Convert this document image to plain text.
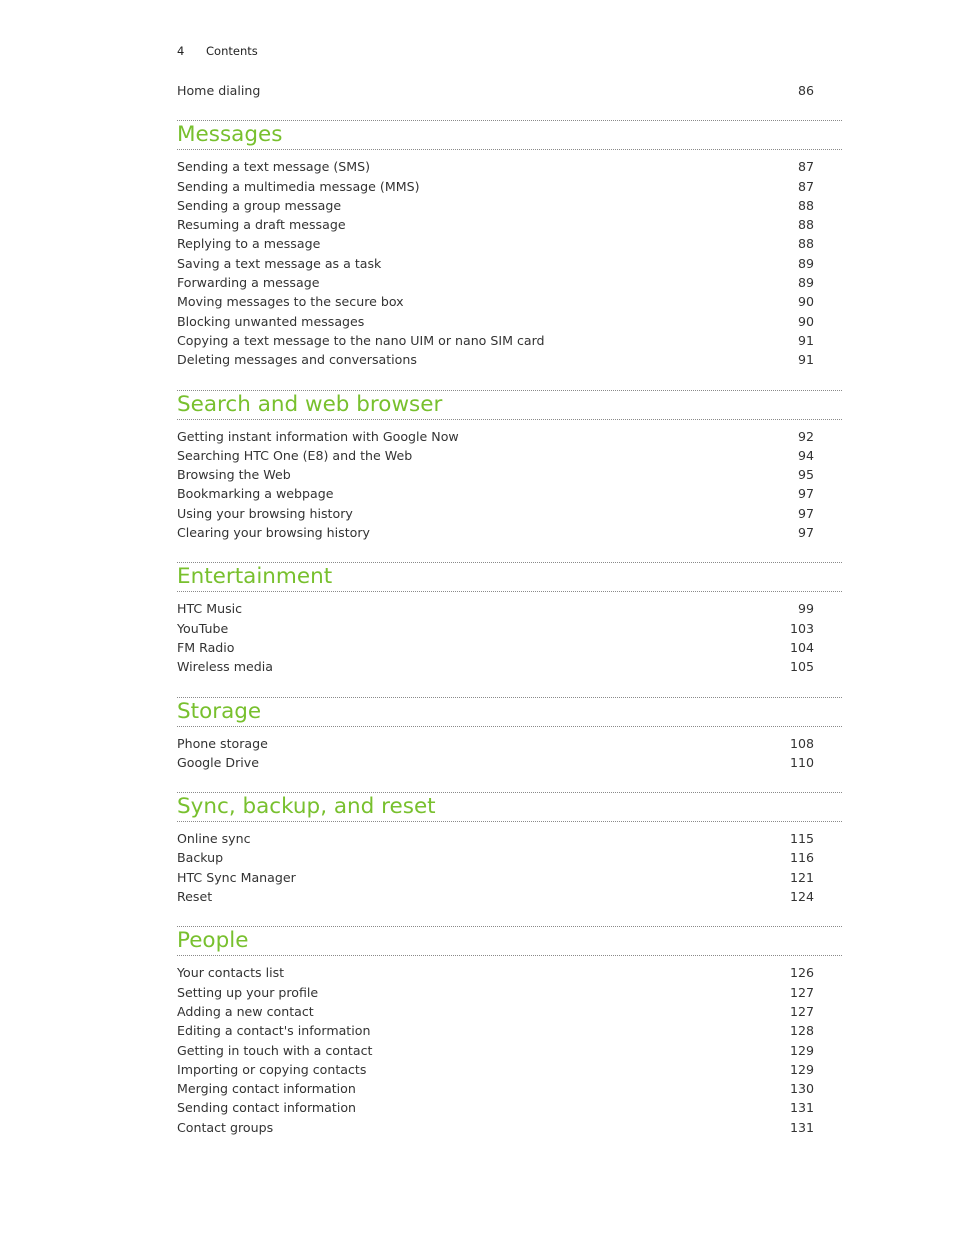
4 Contents
Home dialing	86
Messages
Sending a text message (SMS)	87
Sending a multimedia message (MMS)	87
Sending a group message	88
Resuming a draft message	88
Replying to a message	88
Saving a text message as a task	89
Forwarding a message	89
Moving messages to the secure box	90
Blocking unwanted messages	90
Copying a text message to the nano UIM or nano SIM card	91
Deleting messages and conversations	91
Search and web browser
Getting instant information with Google Now	92
Searching HTC One (E8) and the Web	94
Browsing the Web	95
Bookmarking a webpage	97
Using your browsing history	97
Clearing your browsing history	97
Entertainment
HTC Music	99
YouTube	103
FM Radio	104
Wireless media	105
Storage
Phone storage	108
Google Drive	110
Sync, backup, and reset
Online sync	115
Backup	116
HTC Sync Manager	121
Reset	124
People
Your contacts list	126
Setting up your profile	127
Adding a new contact	127
Editing a contact's information	128
Getting in touch with a contact	129
Importing or copying contacts	129
Merging contact information	130
Sending contact information	131
Contact groups	131
